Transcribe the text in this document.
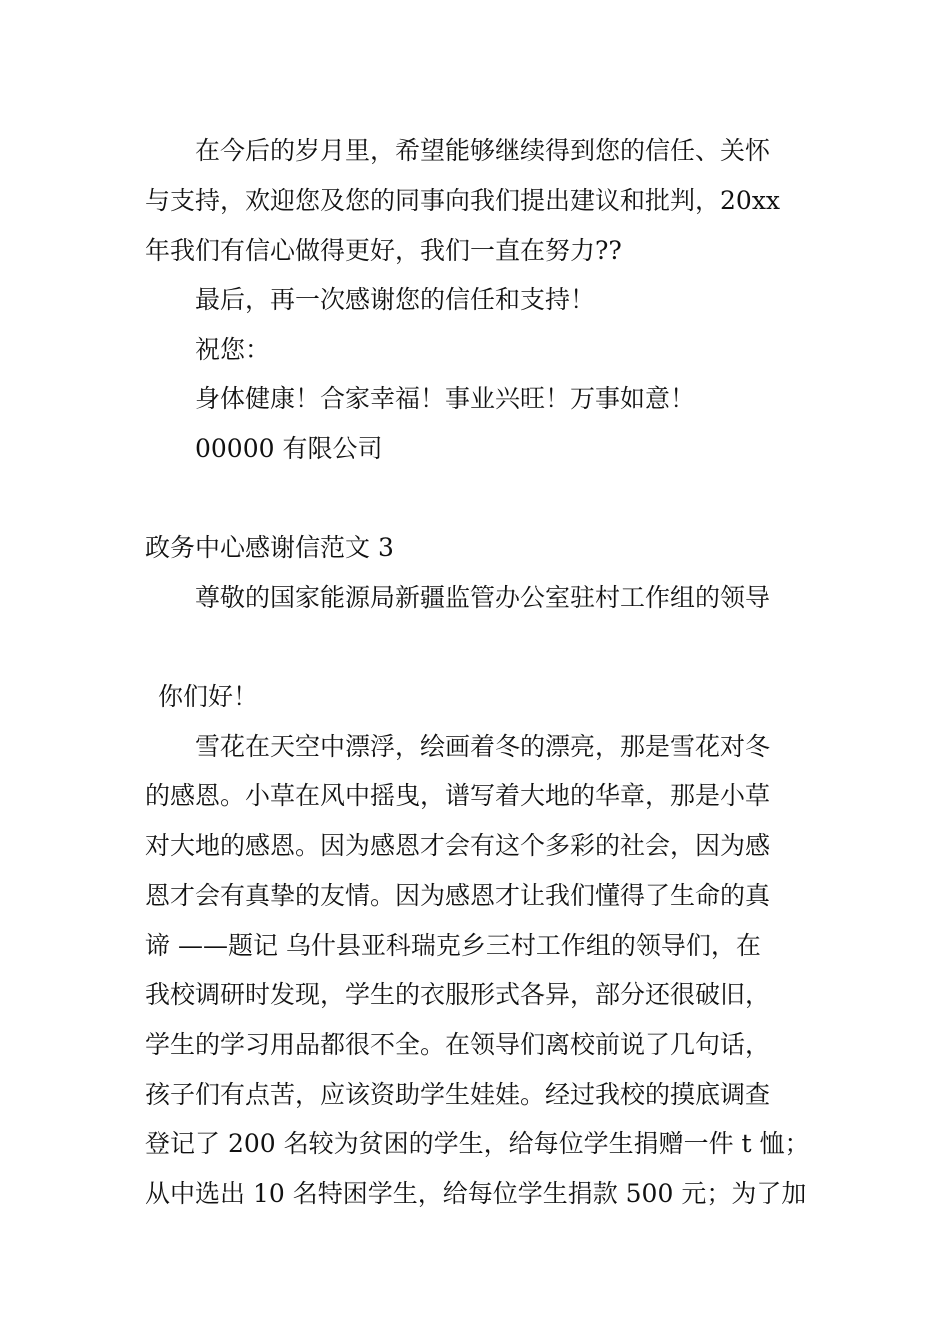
在今后的岁月里，希望能够继续得到您的信任、关怀
与支持，欢迎您及您的同事向我们提出建议和批判，20xx
年我们有信心做得更好，我们一直在努力??
最后，再一次感谢您的信任和支持！
祝您：
身体健康！合家幸福！事业兴旺！万事如意！
00000 有限公司
政务中心感谢信范文 3
尊敬的国家能源局新疆监管办公室驻村工作组的领导
你们好！
雪花在天空中漂浮，绘画着冬的漂亮，那是雪花对冬
的感恩。小草在风中摇曳，谱写着大地的华章，那是小草
对大地的感恩。因为感恩才会有这个多彩的社会，因为感
恩才会有真挚的友情。因为感恩才让我们懂得了生命的真
谛 ——题记 乌什县亚科瑞克乡三村工作组的领导们，在
我校调研时发现，学生的衣服形式各异，部分还很破旧，
学生的学习用品都很不全。在领导们离校前说了几句话，
孩子们有点苦，应该资助学生娃娃。经过我校的摸底调查
登记了 200 名较为贫困的学生，给每位学生捐赠一件 t 恤；
从中选出 10 名特困学生，给每位学生捐款 500 元；为了加
